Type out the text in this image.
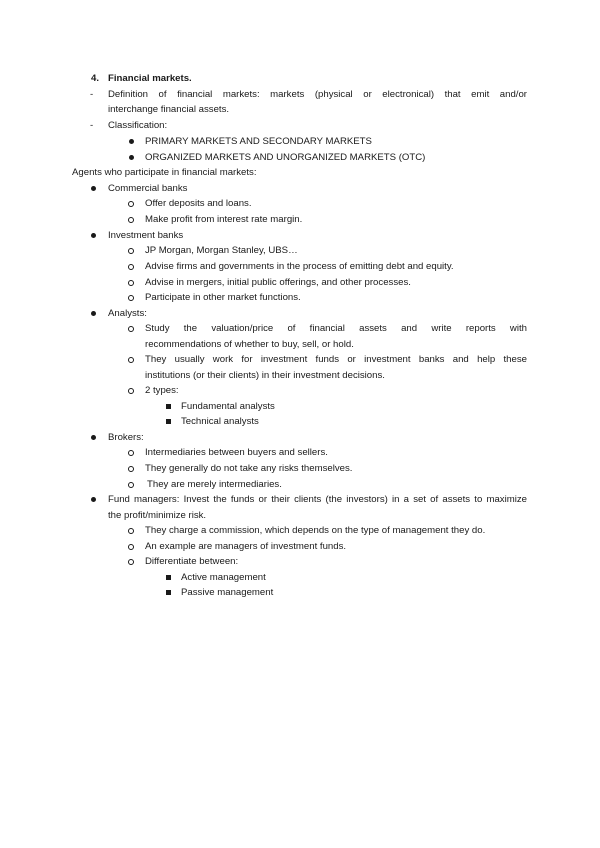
4. Financial markets.
- Definition of financial markets: markets (physical or electronical) that emit and/or
interchange financial assets.
- Classification:
PRIMARY MARKETS AND SECONDARY MARKETS
ORGANIZED MARKETS AND UNORGANIZED MARKETS (OTC)
Agents who participate in financial markets:
Commercial banks
Offer deposits and loans.
Make profit from interest rate margin.
Investment banks
JP Morgan, Morgan Stanley, UBS…
Advise firms and governments in the process of emitting debt and equity.
Advise in mergers, initial public offerings, and other processes.
Participate in other market functions.
Analysts:
Study the valuation/price of financial assets and write reports with
recommendations of whether to buy, sell, or hold.
They usually work for investment funds or investment banks and help these
institutions (or their clients) in their investment decisions.
2 types:
Fundamental analysts
Technical analysts
Brokers:
Intermediaries between buyers and sellers.
They generally do not take any risks themselves.
They are merely intermediaries.
Fund managers: Invest the funds or their clients (the investors) in a set of assets to maximize
the profit/minimize risk.
They charge a commission, which depends on the type of management they do.
An example are managers of investment funds.
Differentiate between:
Active management
Passive management
